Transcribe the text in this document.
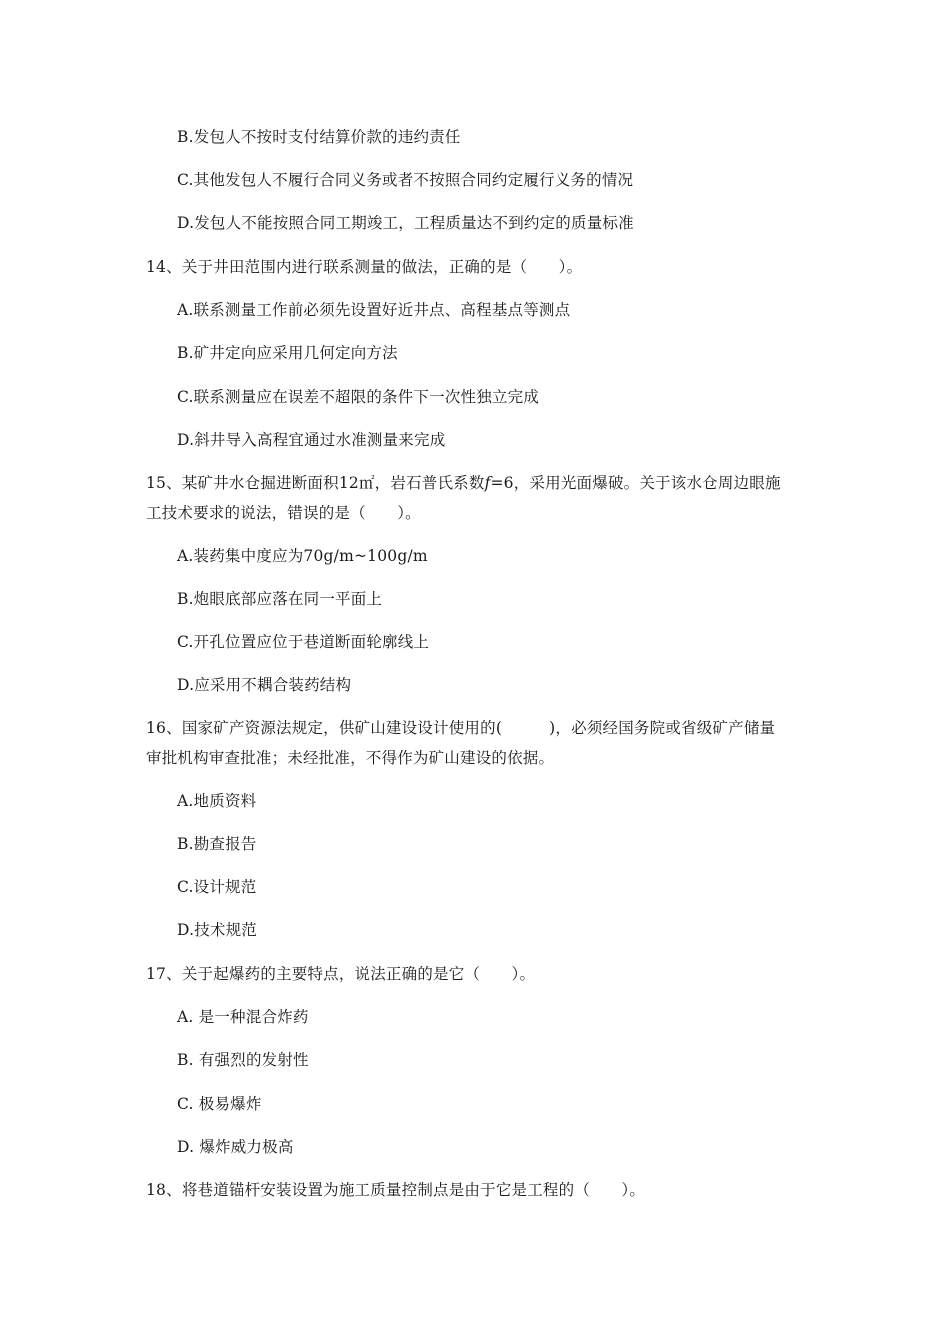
B.发包人不按时支付结算价款的违约责任
C.其他发包人不履行合同义务或者不按照合同约定履行义务的情况
D.发包人不能按照合同工期竣工，工程质量达不到约定的质量标准
14、关于井田范围内进行联系测量的做法，正确的是（　　）。
A.联系测量工作前必须先设置好近井点、高程基点等测点
B.矿井定向应采用几何定向方法
C.联系测量应在误差不超限的条件下一次性独立完成
D.斜井导入高程宜通过水准测量来完成
15、某矿井水仓掘进断面积12㎡，岩石普氏系数f=6，采用光面爆破。关于该水仓周边眼施
工技术要求的说法，错误的是（　　）。
A.装药集中度应为70g/m~100g/m
B.炮眼底部应落在同一平面上
C.开孔位置应位于巷道断面轮廓线上
D.应采用不耦合装药结构
16、国家矿产资源法规定，供矿山建设设计使用的(　　　)，必须经国务院或省级矿产储量
审批机构审查批准；未经批准，不得作为矿山建设的依据。
A.地质资料
B.勘查报告
C.设计规范
D.技术规范
17、关于起爆药的主要特点，说法正确的是它（　　）。
A. 是一种混合炸药
B. 有强烈的发射性
C. 极易爆炸
D. 爆炸威力极高
18、将巷道锚杆安装设置为施工质量控制点是由于它是工程的（　　）。
